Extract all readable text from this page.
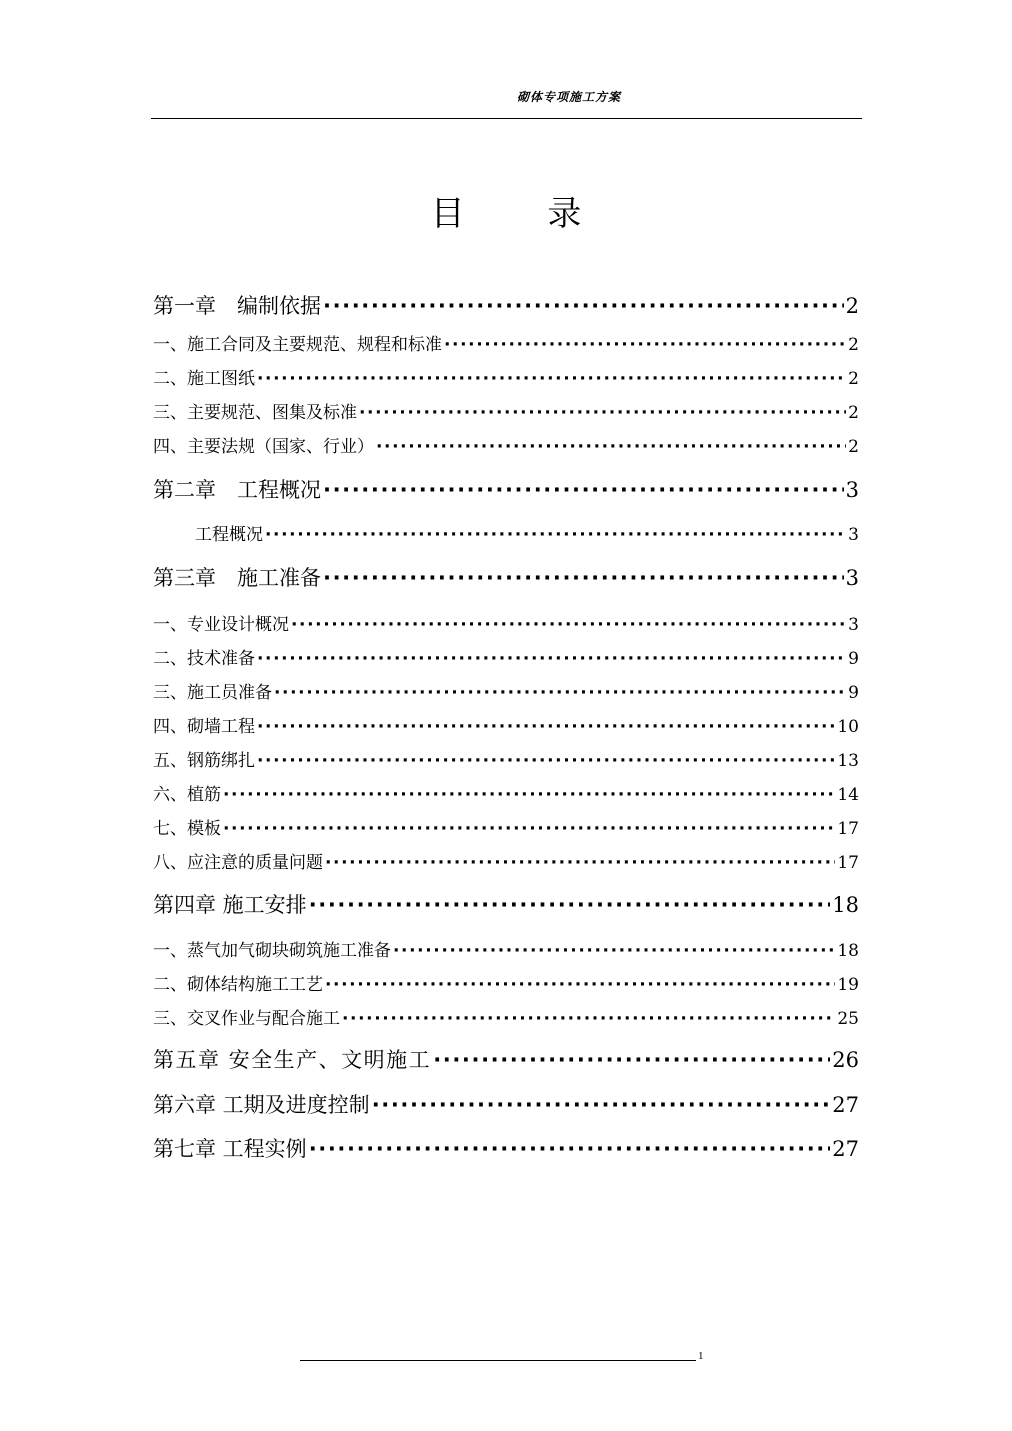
砌体专项施工方案
目 录
第一章　编制依据 ·····	2
一、施工合同及主要规范、规程和标准 ·····	2
二、施工图纸 ·····	2
三、主要规范、图集及标准 ·····	2
四、主要法规（国家、行业） ·····	2
第二章　工程概况 ·····	3
工程概况 ·····	3
第三章　施工准备 ·····	3
一、专业设计概况 ·····	3
二、技术准备 ·····	9
三、施工员准备 ·····	9
四、砌墙工程 ·····	10
五、钢筋绑扎 ·····	13
六、植筋 ·····	14
七、模板 ·····	17
八、应注意的质量问题 ·····	17
第四章 施工安排 ·····	18
一、蒸气加气砌块砌筑施工准备 ·····	18
二、砌体结构施工工艺 ·····	19
三、交叉作业与配合施工 ·····	25
第五章 安全生产、文明施工 ·····	26
第六章 工期及进度控制 ·····	27
第七章 工程实例 ·····	27
1
